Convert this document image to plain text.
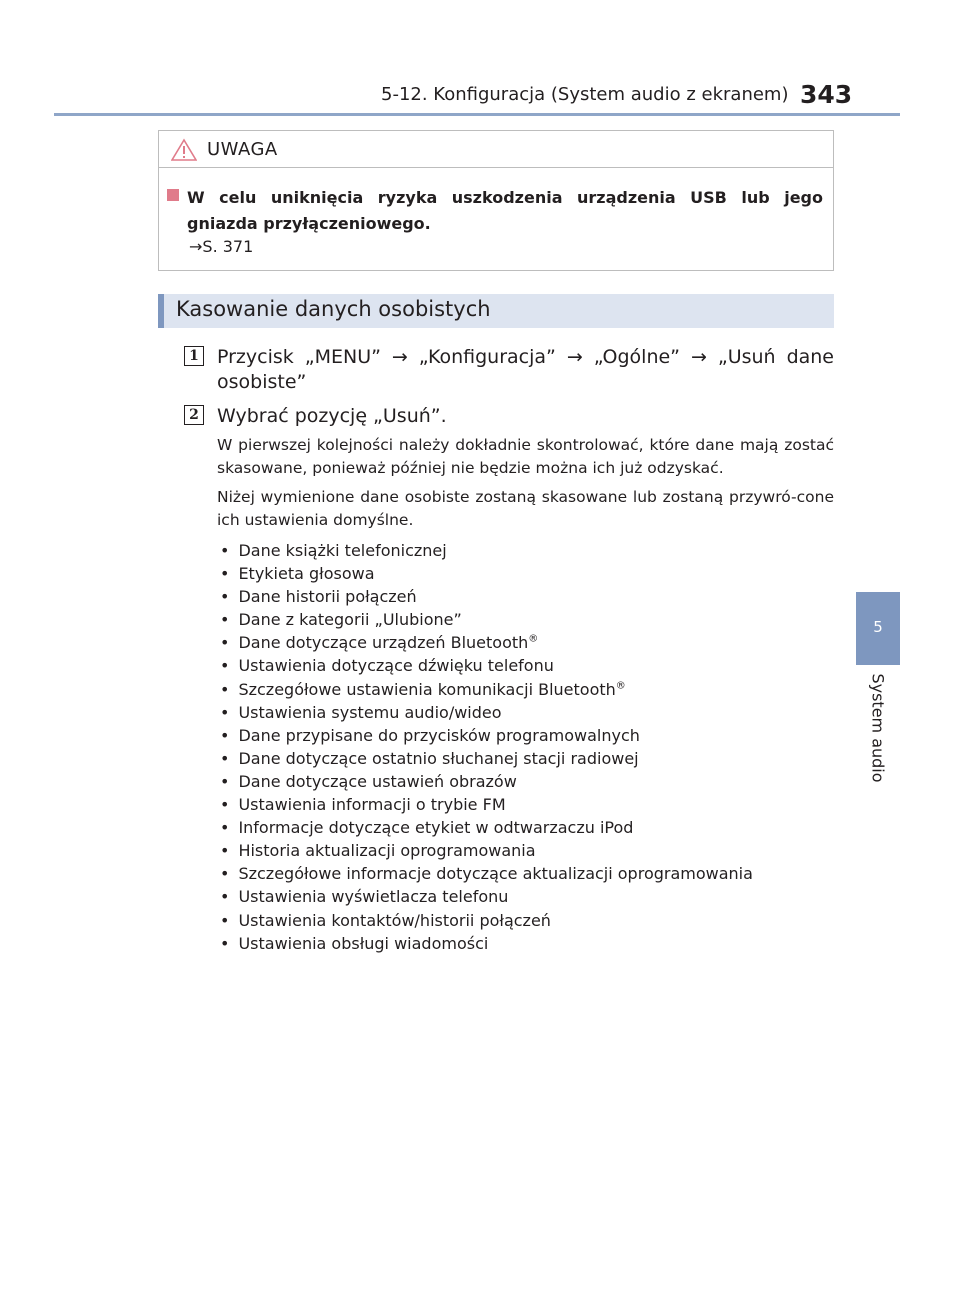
5-12. Konfiguracja (System audio z ekranem) 343
5
System audio
UWAGA
W celu uniknięcia ryzyka uszkodzenia urządzenia USB lub jego gniazda przyłączeniowego.
→S. 371
Kasowanie danych osobistych
1 Przycisk „MENU” → „Konfiguracja” → „Ogólne” → „Usuń dane osobiste”
2 Wybrać pozycję „Usuń”.
W pierwszej kolejności należy dokładnie skontrolować, które dane mają zostać skasowane, ponieważ później nie będzie można ich już odzyskać.
Niżej wymienione dane osobiste zostaną skasowane lub zostaną przywró-cone ich ustawienia domyślne.
• Dane książki telefonicznej
• Etykieta głosowa
• Dane historii połączeń
• Dane z kategorii „Ulubione”
• Dane dotyczące urządzeń Bluetooth®
• Ustawienia dotyczące dźwięku telefonu
• Szczegółowe ustawienia komunikacji Bluetooth®
• Ustawienia systemu audio/wideo
• Dane przypisane do przycisków programowalnych
• Dane dotyczące ostatnio słuchanej stacji radiowej
• Dane dotyczące ustawień obrazów
• Ustawienia informacji o trybie FM
• Informacje dotyczące etykiet w odtwarzaczu iPod
• Historia aktualizacji oprogramowania
• Szczegółowe informacje dotyczące aktualizacji oprogramowania
• Ustawienia wyświetlacza telefonu
• Ustawienia kontaktów/historii połączeń
• Ustawienia obsługi wiadomości
